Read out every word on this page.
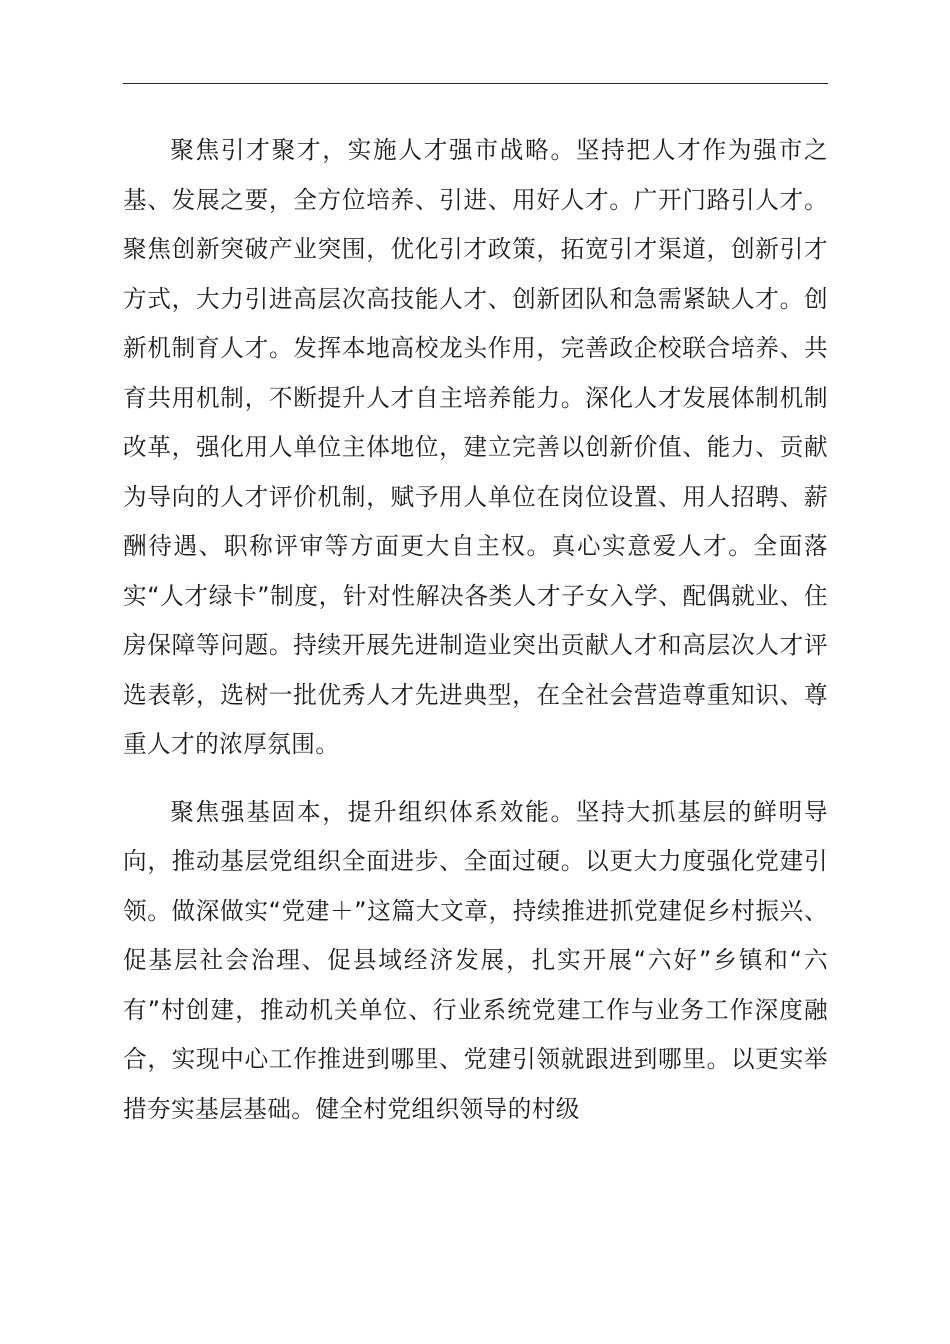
聚焦引才聚才，实施人才强市战略。坚持把人才作为强市之基、发展之要，全方位培养、引进、用好人才。广开门路引人才。聚焦创新突破产业突围，优化引才政策，拓宽引才渠道，创新引才方式，大力引进高层次高技能人才、创新团队和急需紧缺人才。创新机制育人才。发挥本地高校龙头作用，完善政企校联合培养、共育共用机制，不断提升人才自主培养能力。深化人才发展体制机制改革，强化用人单位主体地位，建立完善以创新价值、能力、贡献为导向的人才评价机制，赋予用人单位在岗位设置、用人招聘、薪酬待遇、职称评审等方面更大自主权。真心实意爱人才。全面落实“人才绿卡”制度，针对性解决各类人才子女入学、配偶就业、住房保障等问题。持续开展先进制造业突出贡献人才和高层次人才评选表彰，选树一批优秀人才先进典型，在全社会营造尊重知识、尊重人才的浓厚氛围。

聚焦强基固本，提升组织体系效能。坚持大抓基层的鲜明导向，推动基层党组织全面进步、全面过硬。以更大力度强化党建引领。做深做实“党建＋”这篇大文章，持续推进抓党建促乡村振兴、促基层社会治理、促县域经济发展，扎实开展“六好”乡镇和“六有”村创建，推动机关单位、行业系统党建工作与业务工作深度融合，实现中心工作推进到哪里、党建引领就跟进到哪里。以更实举措夯实基层基础。健全村党组织领导的村级
